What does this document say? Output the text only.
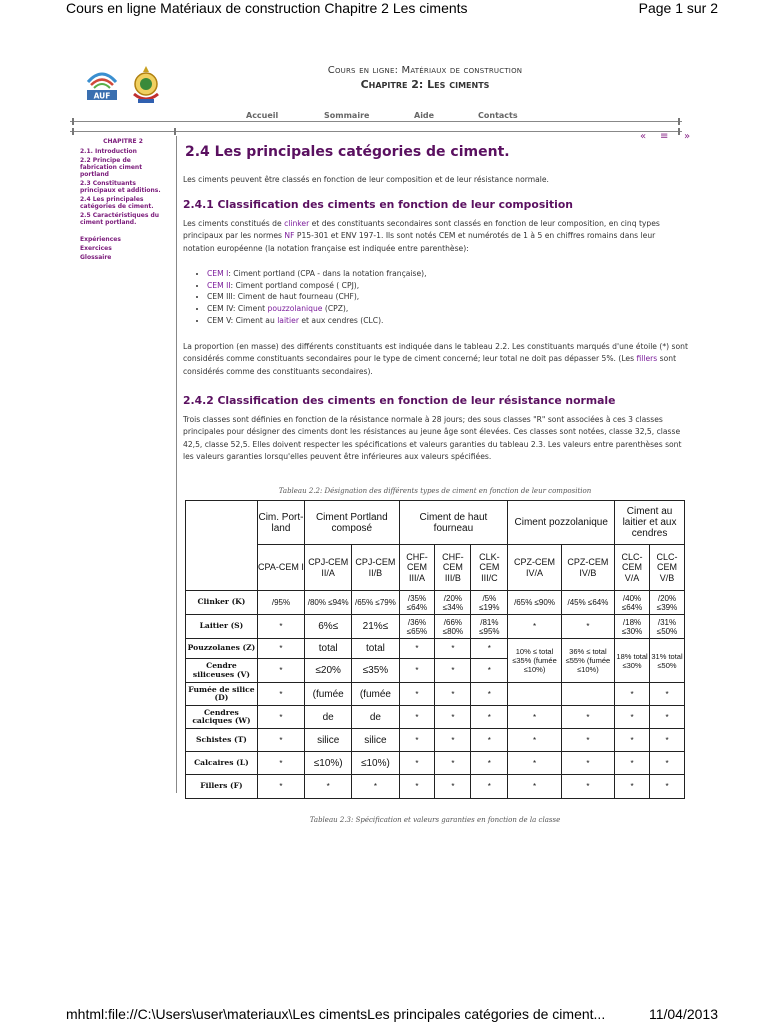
Cours en ligne Matériaux de construction Chapitre 2 Les ciments	Page 1 sur 2
AUF
Cours en ligne: Matériaux de construction
Chapitre 2: Les ciments
Accueil	Sommaire	Aide	Contacts
« ≡ »
CHAPITRE 2
2.1. Introduction
2.2 Principe de fabrication ciment portland
2.3 Constituants principaux et additions.
2.4 Les principales catégories de ciment.
2.5 Caractéristiques du ciment portland.
Expériences
Exercices
Glossaire
2.4 Les principales catégories de ciment.
Les ciments peuvent être classés en fonction de leur composition et de leur résistance normale.
2.4.1 Classification des ciments en fonction de leur composition
Les ciments constitués de clinker et des constituants secondaires sont classés en fonction de leur composition, en cinq types principaux par les normes NF P15-301 et ENV 197-1. Ils sont notés CEM et numérotés de 1 à 5 en chiffres romains dans leur notation européenne (la notation française est indiquée entre parenthèse):
• CEM I: Ciment portland (CPA - dans la notation française),
• CEM II: Ciment portland composé ( CPJ),
• CEM III: Ciment de haut fourneau (CHF),
• CEM IV: Ciment pouzzolanique (CPZ),
• CEM V: Ciment au laitier et aux cendres (CLC).
La proportion (en masse) des différents constituants est indiquée dans le tableau 2.2. Les constituants marqués d'une étoile (*) sont considérés comme constituants secondaires pour le type de ciment concerné; leur total ne doit pas dépasser 5%. (Les fillers sont considérés comme des constituants secondaires).
2.4.2 Classification des ciments en fonction de leur résistance normale
Trois classes sont définies en fonction de la résistance normale à 28 jours; des sous classes "R" sont associées à ces 3 classes principales pour désigner des ciments dont les résistances au jeune âge sont élevées. Ces classes sont notées, classe 32,5, classe 42,5, classe 52,5. Elles doivent respecter les spécifications et valeurs garanties du tableau 2.3. Les valeurs entre parenthèses sont les valeurs garanties lorsqu'elles peuvent être inférieures aux valeurs spécifiées.
Tableau 2.2: Désignation des différents types de ciment en fonction de leur composition
	Cim. Port-land	Ciment Portland composé		Ciment de haut fourneau			Ciment pozzolanique		Ciment au laitier et aux cendres	
	CPA-CEM I	CPJ-CEM II/A	CPJ-CEM II/B	CHF-CEM III/A	CHF-CEM III/B	CLK-CEM III/C	CPZ-CEM IV/A	CPZ-CEM IV/B	CLC-CEM V/A	CLC-CEM V/B
Clinker (K)	/95%	/80% ≤94%	/65% ≤79%	/35% ≤64%	/20% ≤34%	/5% ≤19%	/65% ≤90%	/45% ≤64%	/40% ≤64%	/20% ≤39%
Laitier (S)	*	6%≤	21%≤	/36% ≤65%	/66% ≤80%	/81% ≤95%	*	*	/18% ≤30%	/31% ≤50%
Pouzzolanes (Z)	*	total	total	*	*	*	10% ≤ total ≤35% (fumée ≤10%)	36% ≤ total ≤55% (fumée ≤10%)	18% total ≤30%	31% total ≤50%
Cendre siliceuses (V)	*	≤20%	≤35%	*	*	*				
Fumée de silice (D)	*	(fumée	(fumée	*	*	*			*	*
Cendres calciques (W)	*	de	de	*	*	*	*	*	*	*
Schistes (T)	*	silice	silice	*	*	*	*	*	*	*
Calcaires (L)	*	≤10%)	≤10%)	*	*	*	*	*	*	*
Fillers (F)	*	*	*	*	*	*	*	*	*	*
Tableau 2.3: Spécification et valeurs garanties en fonction de la classe
mhtml:file://C:\Users\user\materiaux\Les cimentsLes principales catégories de ciment...	11/04/2013
